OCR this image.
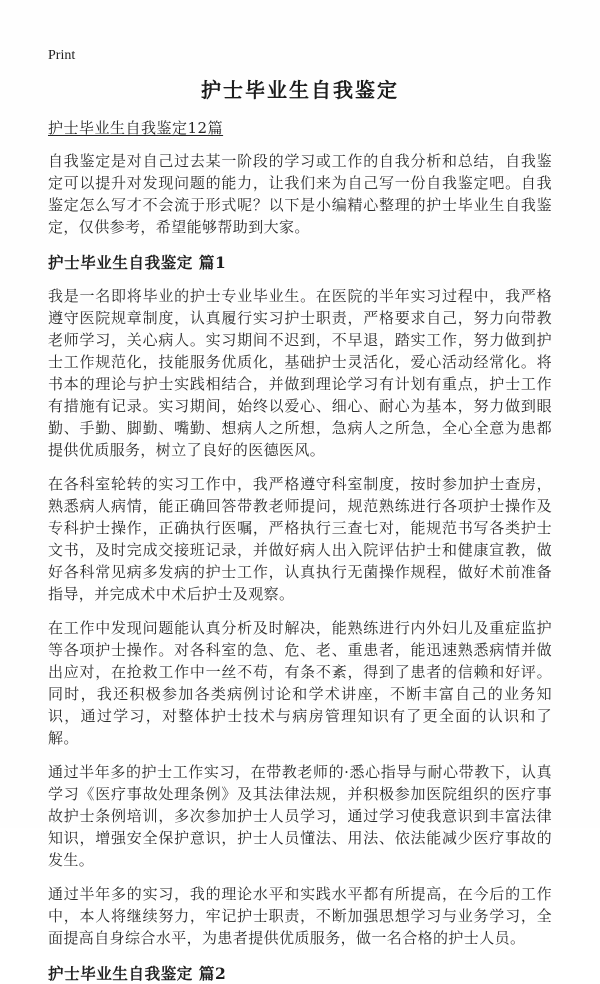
Print
护士毕业生自我鉴定
护士毕业生自我鉴定12篇

自我鉴定是对自己过去某一阶段的学习或工作的自我分析和总结，自我鉴定可以提升对发现问题的能力，让我们来为自己写一份自我鉴定吧。自我鉴定怎么写才不会流于形式呢？以下是小编精心整理的护士毕业生自我鉴定，仅供参考，希望能够帮助到大家。

护士毕业生自我鉴定 篇1

我是一名即将毕业的护士专业毕业生。在医院的半年实习过程中，我严格遵守医院规章制度，认真履行实习护士职责，严格要求自己，努力向带教老师学习，关心病人。实习期间不迟到，不早退，踏实工作，努力做到护士工作规范化，技能服务优质化，基础护士灵活化，爱心活动经常化。将书本的理论与护士实践相结合，并做到理论学习有计划有重点，护士工作有措施有记录。实习期间，始终以爱心、细心、耐心为基本，努力做到眼勤、手勤、脚勤、嘴勤、想病人之所想，急病人之所急，全心全意为患都提供优质服务，树立了良好的医德医风。

在各科室轮转的实习工作中，我严格遵守科室制度，按时参加护士查房，熟悉病人病情，能正确回答带教老师提问，规范熟练进行各项护士操作及专科护士操作，正确执行医嘱，严格执行三查七对，能规范书写各类护士文书，及时完成交接班记录，并做好病人出入院评估护士和健康宣教，做好各科常见病多发病的护士工作，认真执行无菌操作规程，做好术前准备指导，并完成术中术后护士及观察。

在工作中发现问题能认真分析及时解决，能熟练进行内外妇儿及重症监护等各项护士操作。对各科室的急、危、老、重患者，能迅速熟悉病情并做出应对，在抢救工作中一丝不苟，有条不紊，得到了患者的信赖和好评。同时，我还积极参加各类病例讨论和学术讲座，不断丰富自己的业务知识，通过学习，对整体护士技术与病房管理知识有了更全面的认识和了解。

通过半年多的护士工作实习，在带教老师的·悉心指导与耐心带教下，认真学习《医疗事故处理条例》及其法律法规，并积极参加医院组织的医疗事故护士条例培训，多次参加护士人员学习，通过学习使我意识到丰富法律知识，增强安全保护意识，护士人员懂法、用法、依法能减少医疗事故的发生。

通过半年多的实习，我的理论水平和实践水平都有所提高，在今后的工作中，本人将继续努力，牢记护士职责，不断加强思想学习与业务学习，全面提高自身综合水平，为患者提供优质服务，做一名合格的护士人员。

护士毕业生自我鉴定 篇2
